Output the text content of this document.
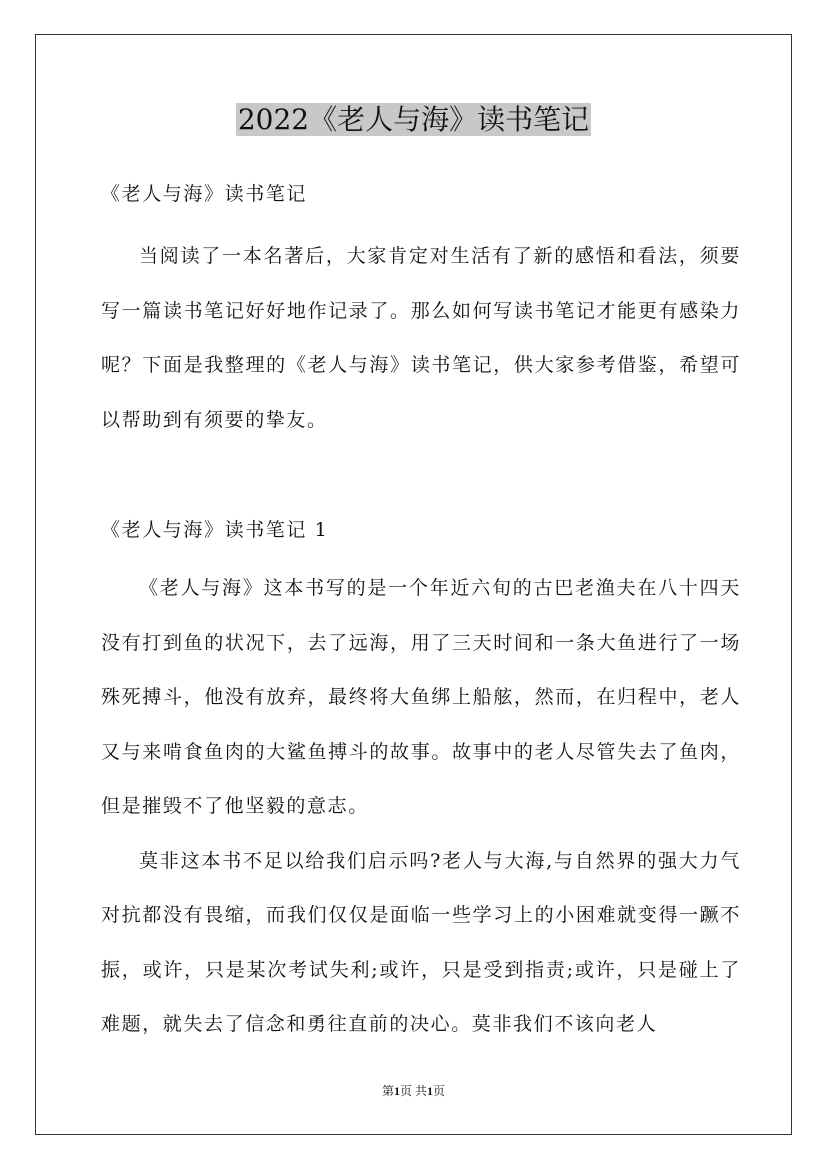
2022《老人与海》读书笔记
《老人与海》读书笔记

当阅读了一本名著后，大家肯定对生活有了新的感悟和看法，须要写一篇读书笔记好好地作记录了。那么如何写读书笔记才能更有感染力呢？下面是我整理的《老人与海》读书笔记，供大家参考借鉴，希望可以帮助到有须要的挚友。

《老人与海》读书笔记 1

《老人与海》这本书写的是一个年近六旬的古巴老渔夫在八十四天没有打到鱼的状况下，去了远海，用了三天时间和一条大鱼进行了一场殊死搏斗，他没有放弃，最终将大鱼绑上船舷，然而，在归程中，老人又与来啃食鱼肉的大鲨鱼搏斗的故事。故事中的老人尽管失去了鱼肉，但是摧毁不了他坚毅的意志。

莫非这本书不足以给我们启示吗?老人与大海,与自然界的强大力气对抗都没有畏缩，而我们仅仅是面临一些学习上的小困难就变得一蹶不振，或许，只是某次考试失利;或许，只是受到指责;或许，只是碰上了难题，就失去了信念和勇往直前的决心。莫非我们不该向老人

第1页 共1页
